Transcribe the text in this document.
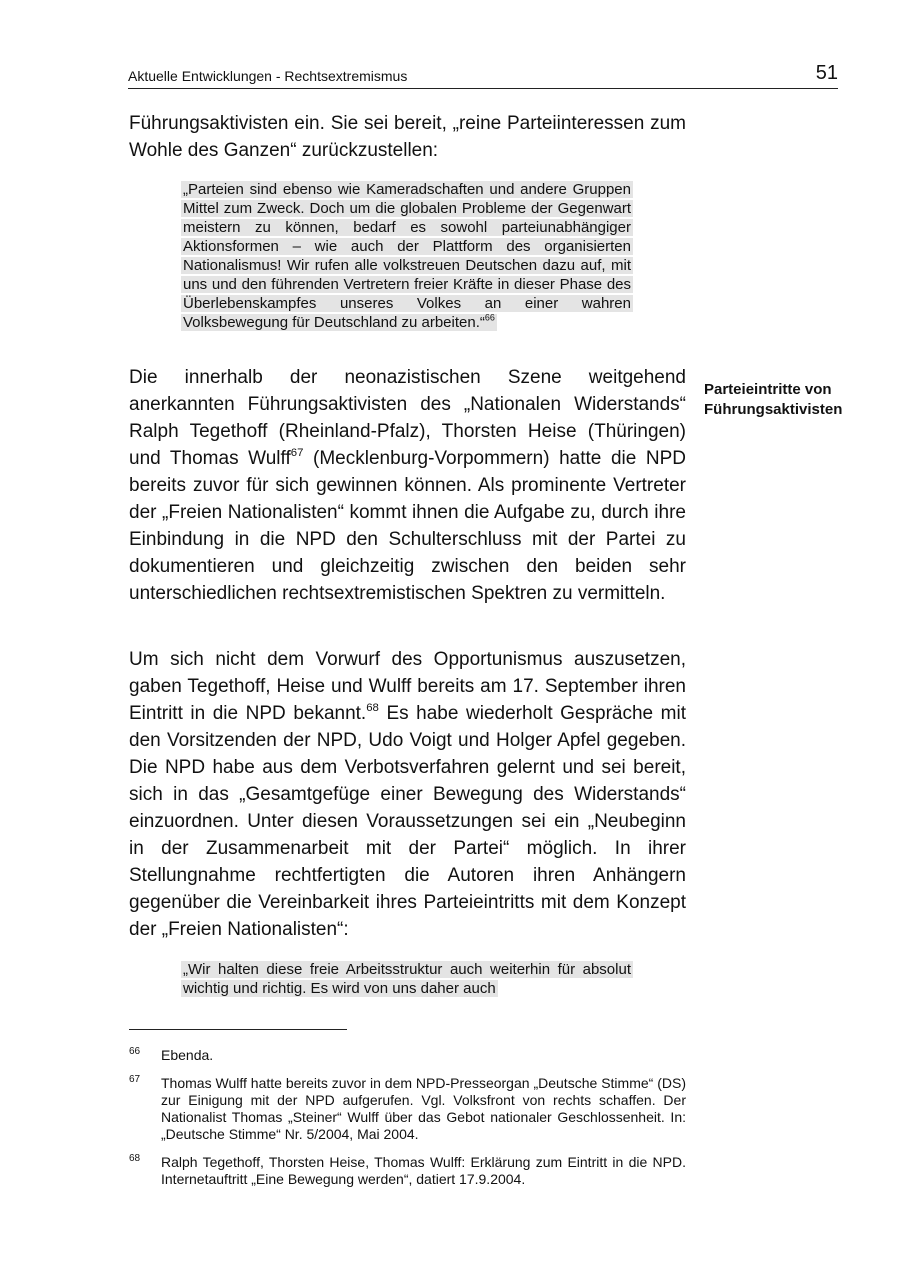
Aktuelle Entwicklungen - Rechtsextremismus	51

Führungsaktivisten ein. Sie sei bereit, „reine Parteiinteressen zum Wohle des Ganzen“ zurückzustellen:

„Parteien sind ebenso wie Kameradschaften und andere Gruppen Mittel zum Zweck. Doch um die globalen Probleme der Gegenwart meistern zu können, bedarf es sowohl parteiunabhängiger Aktionsformen – wie auch der Plattform des organisierten Nationalismus! Wir rufen alle volkstreuen Deutschen dazu auf, mit uns und den führenden Vertretern freier Kräfte in dieser Phase des Überlebenskampfes unseres Volkes an einer wahren Volksbewegung für Deutschland zu arbeiten.“$^{66}$

Die innerhalb der neonazistischen Szene weitgehend anerkannten Führungsaktivisten des „Nationalen Widerstands“ Ralph Tegethoff (Rheinland-Pfalz), Thorsten Heise (Thüringen) und Thomas Wulff$^{67}$ (Mecklenburg-Vorpommern) hatte die NPD bereits zuvor für sich gewinnen können. Als prominente Vertreter der „Freien Nationalisten“ kommt ihnen die Aufgabe zu, durch ihre Einbindung in die NPD den Schulterschluss mit der Partei zu dokumentieren und gleichzeitig zwischen den beiden sehr unterschiedlichen rechtsextremistischen Spektren zu vermitteln.

Parteieintritte von Führungsaktivisten

Um sich nicht dem Vorwurf des Opportunismus auszusetzen, gaben Tegethoff, Heise und Wulff bereits am 17. September ihren Eintritt in die NPD bekannt.$^{68}$ Es habe wiederholt Gespräche mit den Vorsitzenden der NPD, Udo Voigt und Holger Apfel gegeben. Die NPD habe aus dem Verbotsverfahren gelernt und sei bereit, sich in das „Gesamtgefüge einer Bewegung des Widerstands“ einzuordnen. Unter diesen Voraussetzungen sei ein „Neubeginn in der Zusammenarbeit mit der Partei“ möglich. In ihrer Stellungnahme rechtfertigten die Autoren ihren Anhängern gegenüber die Vereinbarkeit ihres Parteieintritts mit dem Konzept der „Freien Nationalisten“:

„Wir halten diese freie Arbeitsstruktur auch weiterhin für absolut wichtig und richtig. Es wird von uns daher auch

66 Ebenda.

67 Thomas Wulff hatte bereits zuvor in dem NPD-Presseorgan „Deutsche Stimme“ (DS) zur Einigung mit der NPD aufgerufen. Vgl. Volksfront von rechts schaffen. Der Nationalist Thomas „Steiner“ Wulff über das Gebot nationaler Geschlossenheit. In: „Deutsche Stimme“ Nr. 5/2004, Mai 2004.

68 Ralph Tegethoff, Thorsten Heise, Thomas Wulff: Erklärung zum Eintritt in die NPD. Internetauftritt „Eine Bewegung werden“, datiert 17.9.2004.
